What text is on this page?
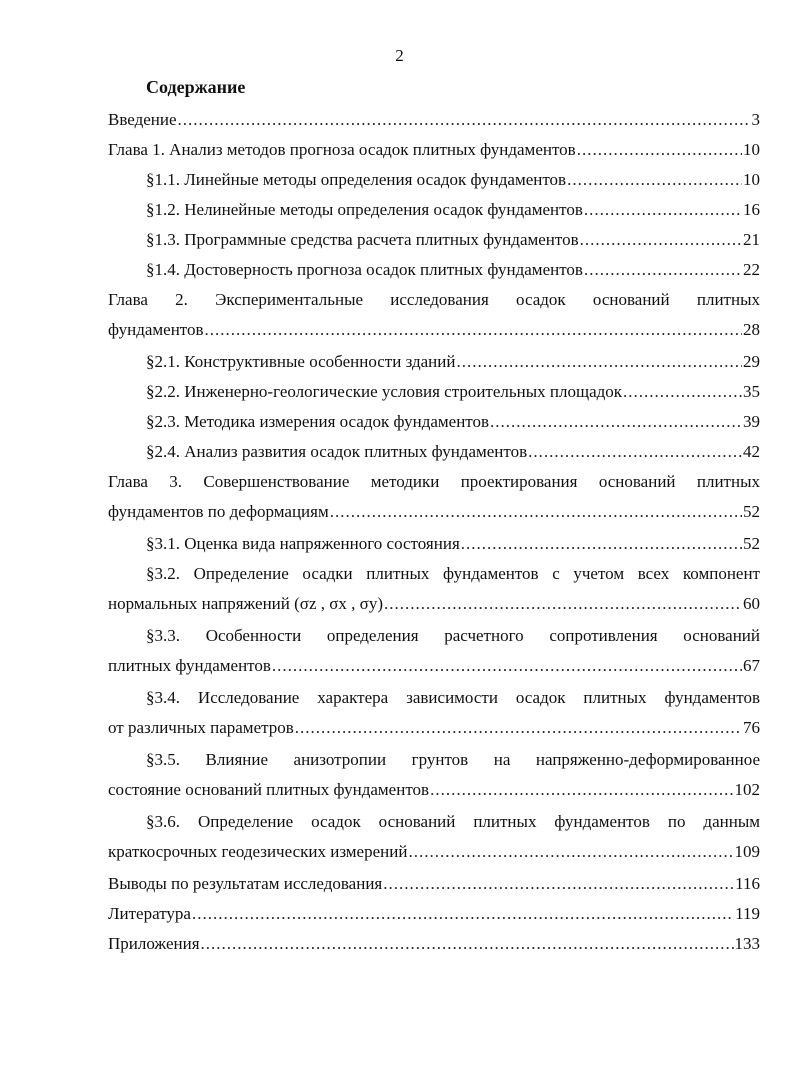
2
Содержание
Введение .....	3
Глава 1. Анализ методов прогноза осадок плитных фундаментов .....	10
§1.1. Линейные методы определения осадок фундаментов .....	10
§1.2. Нелинейные методы определения осадок фундаментов .....	16
§1.3. Программные средства расчета плитных фундаментов .....	21
§1.4. Достоверность прогноза осадок плитных фундаментов .....	22
Глава 2. Экспериментальные исследования осадок оснований плитных
фундаментов .....	28
§2.1. Конструктивные особенности зданий .....	29
§2.2. Инженерно-геологические условия строительных площадок .....	35
§2.3. Методика измерения осадок фундаментов .....	39
§2.4. Анализ развития осадок плитных фундаментов .....	42
Глава 3. Совершенствование методики проектирования оснований плитных
фундаментов по деформациям .....	52
§3.1. Оценка вида напряженного состояния .....	52
§3.2. Определение осадки плитных фундаментов с учетом всех компонент
нормальных напряжений (σz , σx , σy) .....	60
§3.3. Особенности определения расчетного сопротивления оснований
плитных фундаментов .....	67
§3.4. Исследование характера зависимости осадок плитных фундаментов
от различных параметров .....	76
§3.5. Влияние анизотропии грунтов на напряженно-деформированное
состояние оснований плитных фундаментов .....	102
§3.6. Определение осадок оснований плитных фундаментов по данным
краткосрочных геодезических измерений .....	109
Выводы по результатам исследования .....	116
Литература .....	119
Приложения .....	133
